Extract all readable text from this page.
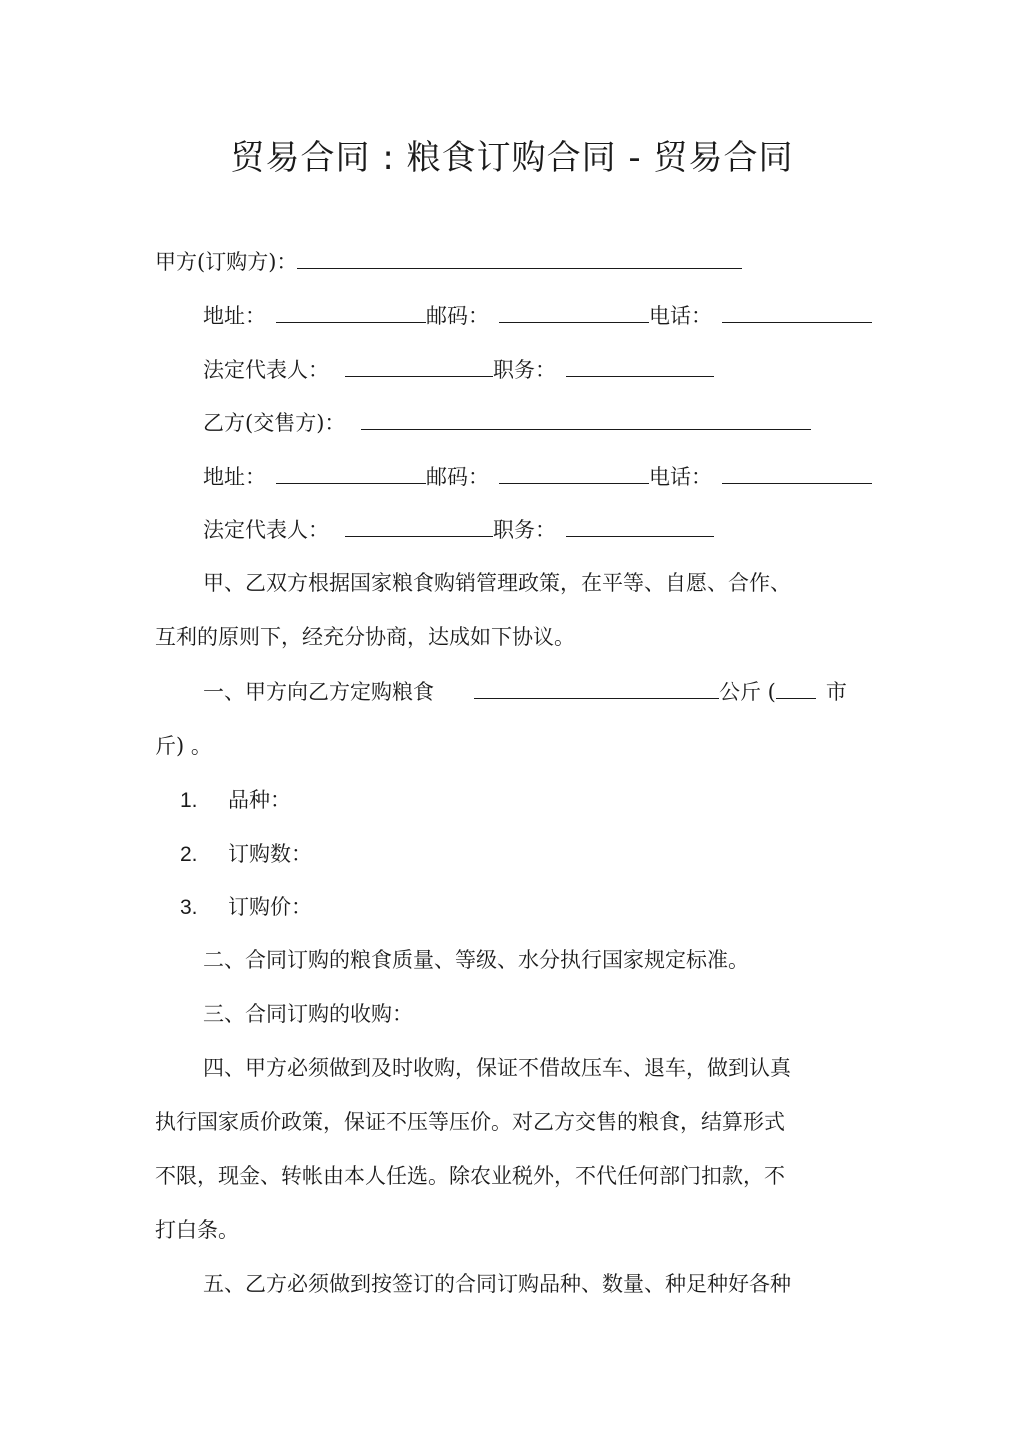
贸易合同 : 粮食订购合同 - 贸易合同
甲方(订购方)：
地址：	邮码：	电话：
法定代表人：	职务：
乙方(交售方)：
地址：	邮码：	电话：
法定代表人：	职务：
甲、乙双方根据国家粮食购销管理政策，在平等、自愿、合作、
互利的原则下，经充分协商，达成如下协议。
一、甲方向乙方定购粮食	公斤 ( 市
斤) 。
1. 品种：
2. 订购数：
3. 订购价：
二、合同订购的粮食质量、等级、水分执行国家规定标准。
三、合同订购的收购：
四、甲方必须做到及时收购，保证不借故压车、退车，做到认真
执行国家质价政策，保证不压等压价。对乙方交售的粮食，结算形式
不限，现金、转帐由本人任选。除农业税外，不代任何部门扣款，不
打白条。
五、乙方必须做到按签订的合同订购品种、数量、种足种好各种
